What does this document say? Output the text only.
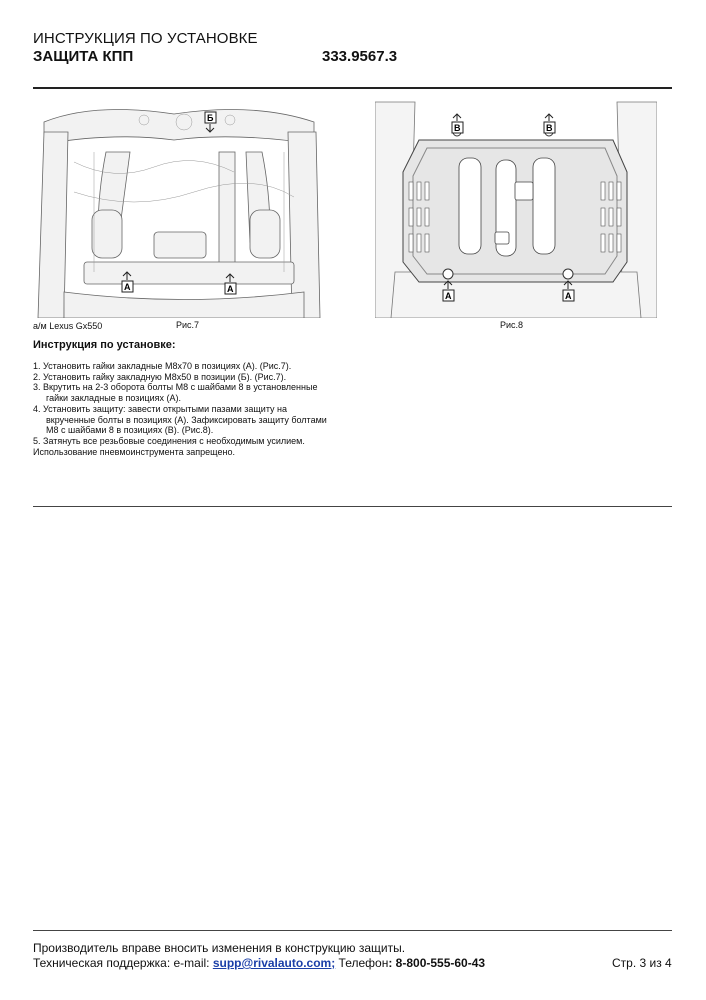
ИНСТРУКЦИЯ ПО УСТАНОВКЕ
ЗАЩИТА КПП	333.9567.3
Б
А	А
В	В
А	А
а/м Lexus Gx550	Рис.7	Рис.8
Инструкция по установке:
1. Установить гайки закладные М8х70 в позициях (А). (Рис.7).
2. Установить гайку закладную М8х50 в позиции (Б). (Рис.7).
3. Вкрутить на 2-3 оборота болты М8 с шайбами 8 в установленные
гайки закладные в позициях (А).
4. Установить защиту: завести открытыми пазами защиту на
вкрученные болты в позициях (А). Зафиксировать защиту болтами
М8 с шайбами 8 в позициях (В). (Рис.8).
5. Затянуть все резьбовые соединения с необходимым усилием.
Использование пневмоинструмента запрещено.
Производитель вправе вносить изменения в конструкцию защиты.
Техническая поддержка: e-mail: supp@rivalauto.com; Телефон: 8-800-555-60-43	Стр. 3 из 4
